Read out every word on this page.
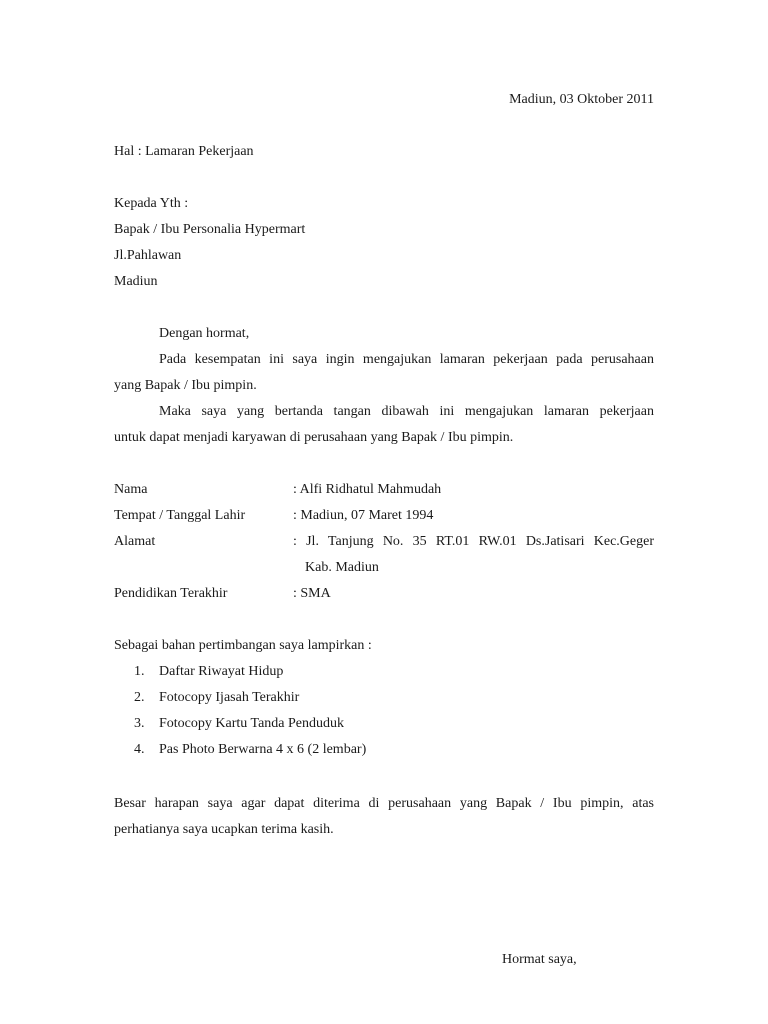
Madiun, 03 Oktober 2011
Hal : Lamaran Pekerjaan
Kepada Yth :
Bapak / Ibu Personalia Hypermart
Jl.Pahlawan
Madiun
Dengan hormat,
Pada kesempatan ini saya ingin mengajukan lamaran pekerjaan pada perusahaan
yang Bapak / Ibu pimpin.
Maka saya yang bertanda tangan dibawah ini mengajukan lamaran pekerjaan
untuk dapat menjadi karyawan di perusahaan yang Bapak / Ibu pimpin.
Nama	: Alfi Ridhatul Mahmudah
Tempat / Tanggal Lahir	: Madiun, 07 Maret 1994
Alamat	: Jl. Tanjung No. 35 RT.01 RW.01 Ds.Jatisari Kec.Geger
Kab. Madiun
Pendidikan Terakhir	: SMA
Sebagai bahan pertimbangan saya lampirkan :
1. Daftar Riwayat Hidup
2. Fotocopy Ijasah Terakhir
3. Fotocopy Kartu Tanda Penduduk
4. Pas Photo Berwarna 4 x 6 (2 lembar)
Besar harapan saya agar dapat diterima di perusahaan yang Bapak / Ibu pimpin, atas
perhatianya saya ucapkan terima kasih.
Hormat saya,
